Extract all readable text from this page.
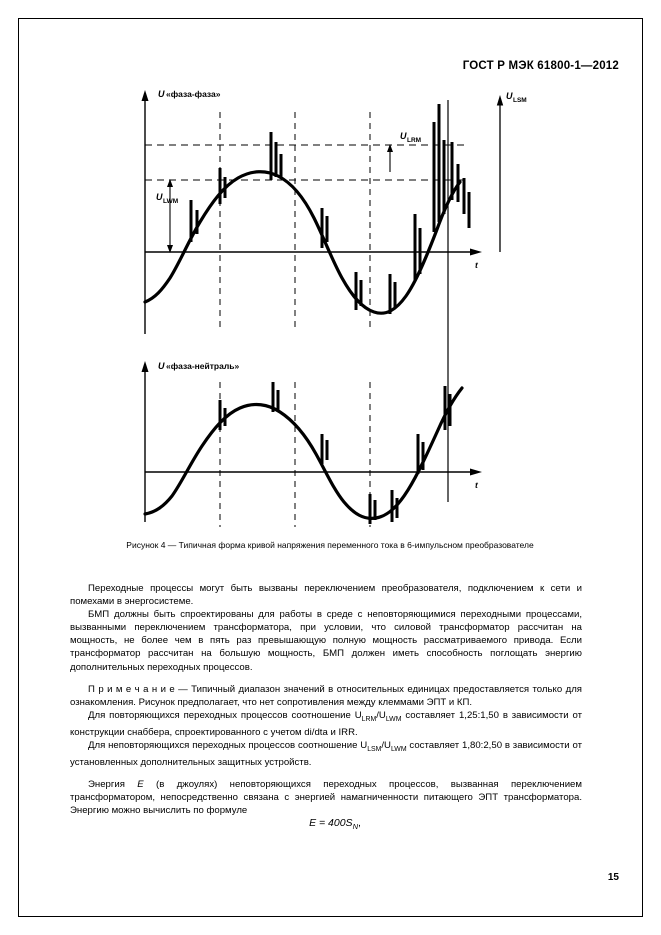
ГОСТ Р МЭК 61800-1—2012
U «фаза-фаза»
U «фаза-нейтраль»
U LSM
U LRM
U LWM
t
t
Рисунок 4 — Типичная форма кривой напряжения переменного тока в 6-импульсном преобразователе

Переходные процессы могут быть вызваны переключением преобразователя, подключением к сети и помехами в энергосистеме.

БМП должны быть спроектированы для работы в среде с неповторяющимися переходными процессами, вызванными переключением трансформатора, при условии, что силовой трансформатор рассчитан на мощность, не более чем в пять раз превышающую полную мощность рассматриваемого привода. Если трансформатор рассчитан на большую мощность, БМП должен иметь способность поглощать энергию дополнительных переходных процессов.

П р и м е ч а н и е — Типичный диапазон значений в относительных единицах предоставляется только для ознакомления. Рисунок предполагает, что нет сопротивления между клеммами ЭПТ и КП.

Для повторяющихся переходных процессов соотношение $U_{LRM}/U_{LWM}$ составляет 1,25:1,50 в зависимости от конструкции снаббера, спроектированного с учетом di/dta и IRR.

Для неповторяющихся переходных процессов соотношение $U_{LSM}/U_{LWM}$ составляет 1,80:2,50 в зависимости от установленных дополнительных защитных устройств.

Энергия E (в джоулях) неповторяющихся переходных процессов, вызванная переключением трансформатором, непосредственно связана с энергией намагниченности питающего ЭПТ трансформатора. Энергию можно вычислить по формуле

$E = 400S_N$,

15
